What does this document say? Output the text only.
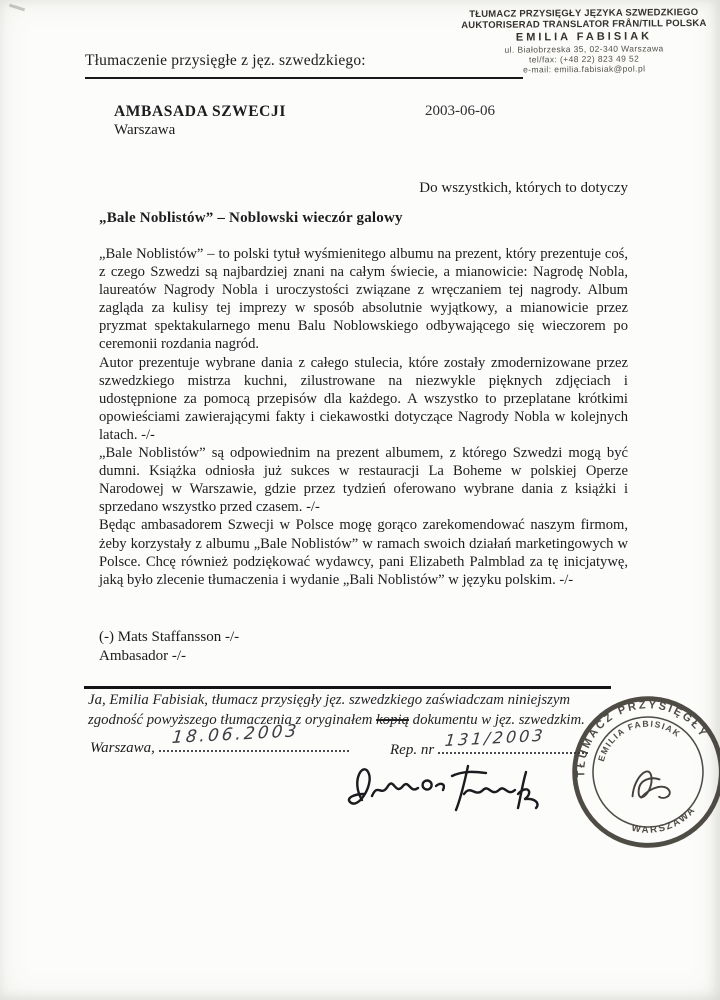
TŁUMACZ PRZYSIĘGŁY JĘZYKA SZWEDZKIEGO
AUKTORISERAD TRANSLATOR FRÅN/TILL POLSKA
EMILIA FABISIAK
ul. Białobrzeska 35, 02-340 Warszawa
tel/fax: (+48 22) 823 49 52
e-mail: emilia.fabisiak@pol.pl
Tłumaczenie przysięgłe z jęz. szwedzkiego:
AMBASADA SZWECJI	2003-06-06
Warszawa
Do wszystkich, których to dotyczy
„Bale Noblistów” – Noblowski wieczór galowy

„Bale Noblistów” – to polski tytuł wyśmienitego albumu na prezent, który prezentuje coś, z czego Szwedzi są najbardziej znani na całym świecie, a mianowicie: Nagrodę Nobla, laureatów Nagrody Nobla i uroczystości związane z wręczaniem tej nagrody. Album zagląda za kulisy tej imprezy w sposób absolutnie wyjątkowy, a mianowicie przez pryzmat spektakularnego menu Balu Noblowskiego odbywającego się wieczorem po ceremonii rozdania nagród.

Autor prezentuje wybrane dania z całego stulecia, które zostały zmodernizowane przez szwedzkiego mistrza kuchni, zilustrowane na niezwykle pięknych zdjęciach i udostępnione za pomocą przepisów dla każdego. A wszystko to przeplatane krótkimi opowieściami zawierającymi fakty i ciekawostki dotyczące Nagrody Nobla w kolejnych latach. -/-

„Bale Noblistów” są odpowiednim na prezent albumem, z którego Szwedzi mogą być dumni. Książka odniosła już sukces w restauracji La Boheme w polskiej Operze Narodowej w Warszawie, gdzie przez tydzień oferowano wybrane dania z książki i sprzedano wszystko przed czasem. -/-

Będąc ambasadorem Szwecji w Polsce mogę gorąco zarekomendować naszym firmom, żeby korzystały z albumu „Bale Noblistów” w ramach swoich działań marketingowych w Polsce. Chcę również podziękować wydawcy, pani Elizabeth Palmblad za tę inicjatywę, jaką było zlecenie tłumaczenia i wydanie „Bali Noblistów” w języku polskim. -/-

(-) Mats Staffansson -/-
Ambasador -/-
Ja, Emilia Fabisiak, tłumacz przysięgły jęz. szwedzkiego zaświadczam niniejszym zgodność powyższego tłumaczenia z oryginałem kopią dokumentu w jęz. szwedzkim.
Warszawa, 18.06.2003
Rep. nr 131/2003
TŁUMACZ PRZYSIĘGŁY
WARSZAWA
EMILIA FABISIAK
